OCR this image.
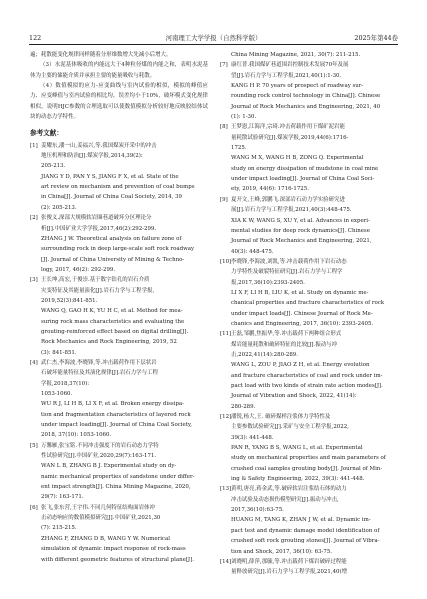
122	河南理工大学学报（自然科学版）	2025年第44卷
遍；耗散能变化规律同样随着分形维数增大先减小后增大。
（3）水泥基体吸收的内能远大于4种粒径煤的内能之和，表明水泥基体为主要的储能介质并承担主要的能量吸收与耗散。
（4）数值模拟的应力-应变曲线与室内试验的相似，模拟的峰值应力、应变峰值与室内试验的相比均，误差均小于10%，破坏模式变化规律相似，说明HJC参数的合理选取可以使数值模拟分析较好地反映胶结体试块的动态力学特性。
参考文献：
[1] 姜耀东,潘一山,姜福兴,等.我国煤炭开采中的冲击
地压机理和防治[J].煤炭学报,2014,39(2):
205-213.
JIANG Y D, PAN Y S, JIANG F X, et al. State of the
art review on mechanism and prevention of coal bumps
in China[J]. Journal of China Coal Society, 2014, 39
(2): 205-213.
[2] 张俊义.深部大规模软岩圈巷道破坏分区理论分
析[J].中国矿业大学学报,2017,46(2):292-299.
ZHANG J W. Theoretical analysis on failure zone of
surrounding rock in deep large-scale soft rock roadway
[J]. Journal of China University of Mining & Techno-
logy, 2017, 46(2): 292-299.
[3] 王长坤,高宏,于俊崇.基于数字钻孔的岩石介质
灾变特征及其能量演化[J].岩石力学与工程学报,
2019,52(3):841-851.
WANG Q, GAO H K, YU H C, et al. Method for mea-
suring rock mass characteristics and evaluating the
grouting-reinforced effect based on digital drilling[J].
Rock Mechanics and Rock Engineering, 2019, 52
(3): 841-851.
[4] 武仁杰,李海波,李晓锋,等.冲击载荷作用下层状岩
石破坏能量特征及其演化规律[J].岩石力学与工程
学报,2018,37(10):
1053-1060.
WU R J, LI H B, LI X F, et al. Broken energy dissipa-
tion and fragmentation characteristics of layered rock
under impact loading[J]. Journal of China Coal Society,
2018, 37(10): 1053-1060.
[5] 万馨雁,张宝铭.不同冲击强度下的岩石动态力学特
性试验研究[J].中国矿业,2020,29(7):163-171.
WAN L B, ZHANG B J. Experimental study on dy-
namic mechanical properties of sandstone under differ-
ent impact strength[J]. China Mining Magazine, 2020,
29(7): 163-171.
[6] 张飞,张东营,王宇伟.不同几何特征结构面岩体冲
击动态响应的数值模拟研究[J].中国矿业,2021,30
(7): 215-215.
ZHANG F, ZHANG D B, WANG Y W. Numerical
simulation of dynamic impact response of rock-mass
with different geometric features of structural plane[J].
China Mining Magazine, 2021, 30(7): 211-215.
[7] 康红普.我国煤矿巷道围岩控制技术发展70年及展
望[J].岩石力学与工程学报,2021,40(1):1-30.
KANG H P. 70 years of prospect of roadway sur-
rounding rock control technology in China[J]. Chinese
Journal of Rock Mechanics and Engineering, 2021, 40
(1): 1-30.
[8] 王梦恩,江海洋,宗琦.冲击荷载作用下煤矿泥岩能
量耗散试验研究[J].煤炭学报,2019,44(6):1716-
1725.
WANG M X, WANG H B, ZONG Q. Experimental
study on energy dissipation of mudstone in coal mine
under impact loading[J]. Journal of China Coal Soci-
ety, 2019, 44(6): 1716-1725.
[9] 夏开文,王峰,郭鹏飞.深部岩石动力学实验研究进
展[J].岩石力学与工程学报,2021,40(3):448-475.
XIA K W, WANG S, XU Y, et al. Advances in experi-
mental studies for deep rock dynamics[J]. Chinese
Journal of Rock Mechanics and Engineering, 2021,
40(3): 448-475.
[10] 李晓锋,李海波,刘凯,等.冲击载荷作用下岩石动态
力学特性及破裂特征研究[J].岩石力学与工程学
报,2017,36(10):2393-2405.
LI X F, LI H B, LIU K, et al. Study on dynamic me-
chanical properties and fracture characteristics of rock
under impact loads[J]. Chinese Journal of Rock Me-
chanics and Engineering, 2017, 36(10): 2393-2405.
[11] 王磊,邹鹏,焦振华,等.冲击载荷下两种组合形式
煤岩能量耗散和破碎特征的比较[J].振动与冲
击,2022,41(14):280-289.
WANG L, ZOU P, JIAO Z H, et al. Energy evolution
and fracture characteristics of coal and rock under im-
pact load with two kinds of strain rate action modes[J].
Journal of Vibration and Shock, 2022, 41(14):
280-289.
[12] 潘锐,杨大,王. 破碎煤样注浆体力学特性及
主要参数试验研究[J].采矿与安全工程学报,2022,
39(3): 441-448.
PAN R, YANG B S, WANG L, et al. Experimental
study on mechanical properties and main parameters of
crushed coal samples grouting body[J]. Journal of Min-
ing & Safety Engineering, 2022, 39(3): 441-448.
[13] 黄明,唐亮,蒋金武,等.破碎软岩注浆结石体的动力
冲击试验及动态损伤模型研究[J].振动与冲击,
2017,36(10):63-75.
HUANG M, TANG K, ZHAN J W, et al. Dynamic im-
pact test and dynamic damage model identification of
crushed soft rock grouting stones[J]. Journal of Vibra-
tion and Shock, 2017, 36(10): 63-75.
[14] 刘晓明,薛萍,那毓,等.冲击载荷下煤岩破碎过程能
量释放研究[J].岩石力学与工程学报,2021,40(增
